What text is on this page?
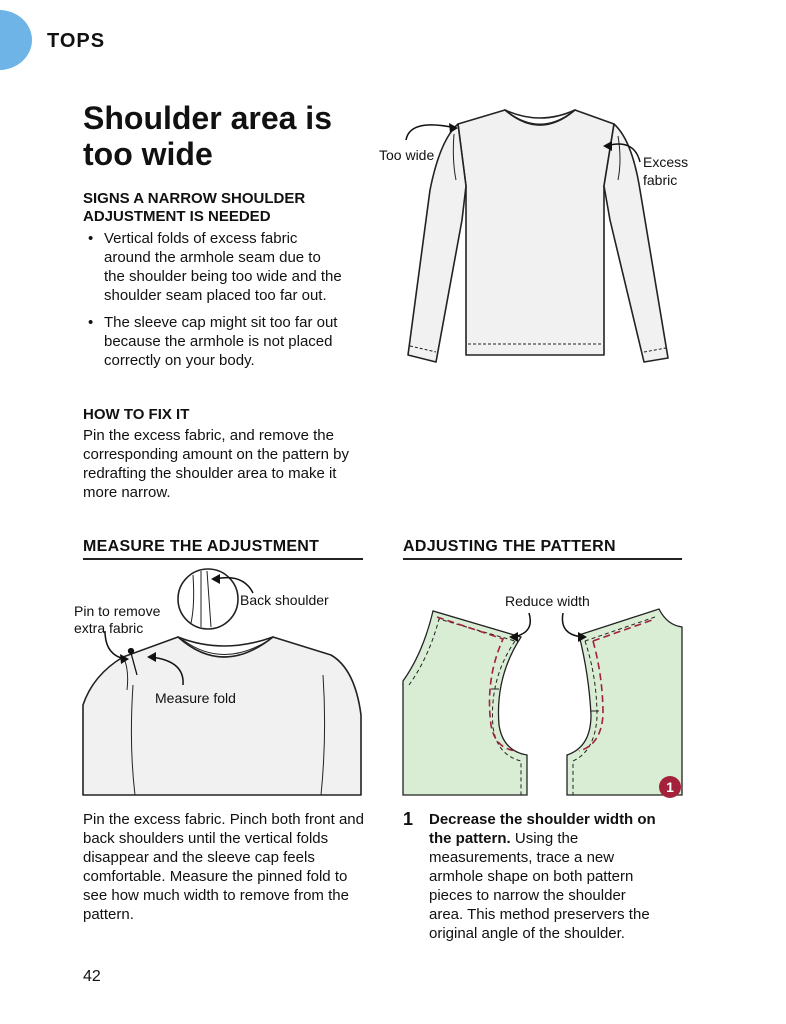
TOPS
Shoulder area is too wide
SIGNS A NARROW SHOULDER
ADJUSTMENT IS NEEDED
• Vertical folds of excess fabric around the armhole seam due to the shoulder being too wide and the shoulder seam placed too far out.
• The sleeve cap might sit too far out because the armhole is not placed correctly on your body.
HOW TO FIX IT
Pin the excess fabric, and remove the corresponding amount on the pattern by redrafting the shoulder area to make it more narrow.
Too wide	Excess
fabric
MEASURE THE ADJUSTMENT
Back shoulder
Pin to remove
extra fabric
Measure fold
Pin the excess fabric. Pinch both front and back shoulders until the vertical folds disappear and the sleeve cap feels comfortable. Measure the pinned fold to see how much width to remove from the pattern.
ADJUSTING THE PATTERN
Reduce width
1
1 Decrease the shoulder width on the pattern. Using the measurements, trace a new armhole shape on both pattern pieces to narrow the shoulder area. This method preservers the original angle of the shoulder.
42
